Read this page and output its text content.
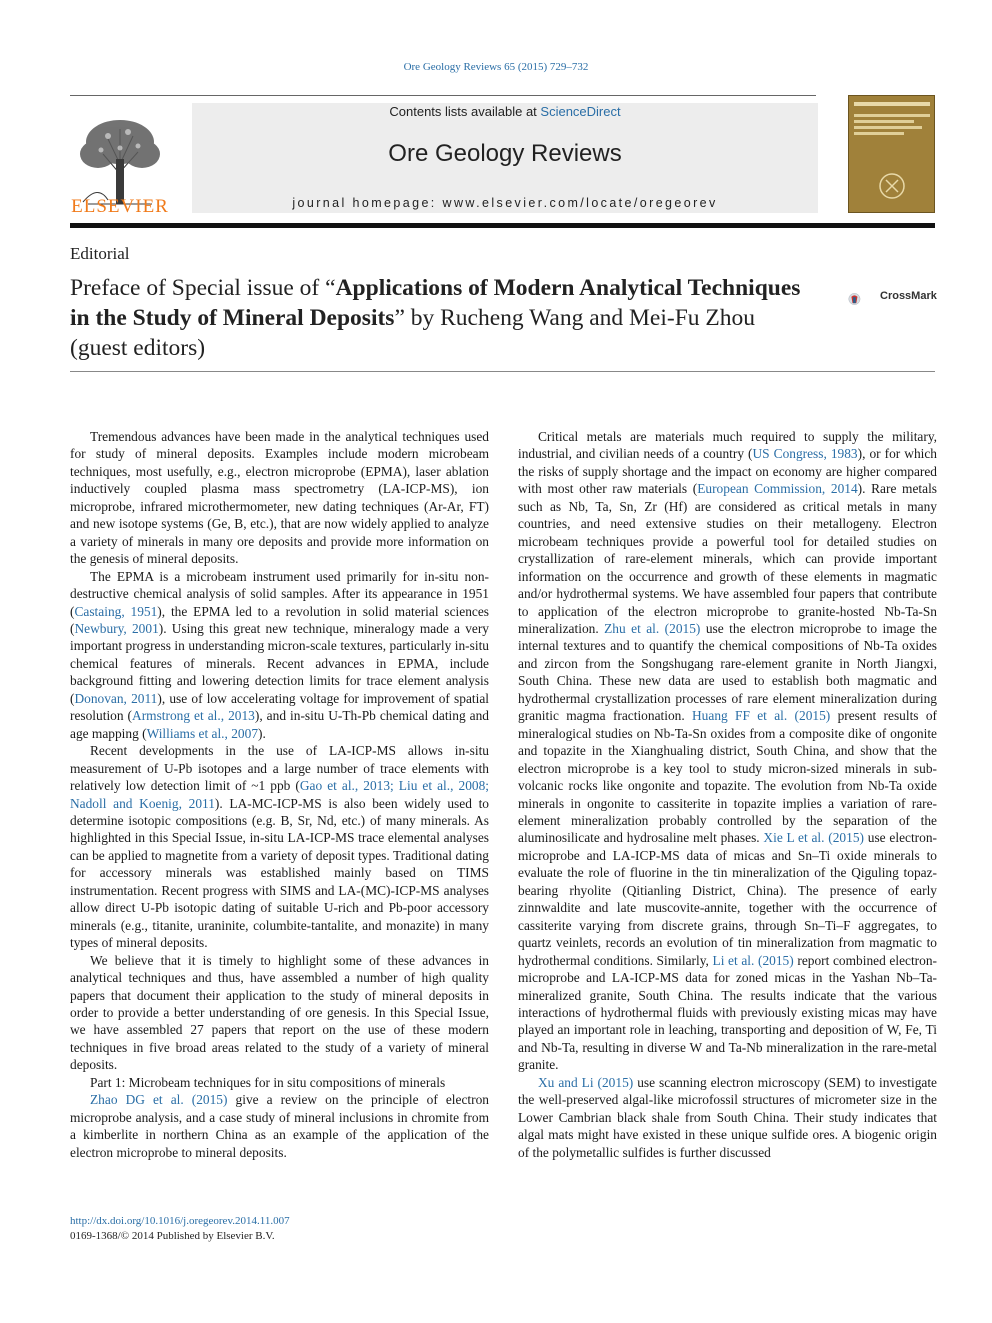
Ore Geology Reviews 65 (2015) 729–732
ELSEVIER
Contents lists available at ScienceDirect
Ore Geology Reviews
journal homepage: www.elsevier.com/locate/oregeorev
Editorial
Preface of Special issue of “Applications of Modern Analytical Techniques in the Study of Mineral Deposits” by Rucheng Wang and Mei-Fu Zhou (guest editors)
CrossMark

Tremendous advances have been made in the analytical techniques used for study of mineral deposits. Examples include modern microbeam techniques, most usefully, e.g., electron microprobe (EPMA), laser ablation inductively coupled plasma mass spectrometry (LA-ICP-MS), ion microprobe, infrared microthermometer, new dating techniques (Ar-Ar, FT) and new isotope systems (Ge, B, etc.), that are now widely applied to analyze a variety of minerals in many ore deposits and provide more information on the genesis of mineral deposits.

The EPMA is a microbeam instrument used primarily for in-situ non-destructive chemical analysis of solid samples. After its appearance in 1951 (Castaing, 1951), the EPMA led to a revolution in solid material sciences (Newbury, 2001). Using this great new technique, mineralogy made a very important progress in understanding micron-scale textures, particularly in-situ chemical features of minerals. Recent advances in EPMA, include background fitting and lowering detection limits for trace element analysis (Donovan, 2011), use of low accelerating voltage for improvement of spatial resolution (Armstrong et al., 2013), and in-situ U-Th-Pb chemical dating and age mapping (Williams et al., 2007).

Recent developments in the use of LA-ICP-MS allows in-situ measurement of U-Pb isotopes and a large number of trace elements with relatively low detection limit of ~1 ppb (Gao et al., 2013; Liu et al., 2008; Nadoll and Koenig, 2011). LA-MC-ICP-MS is also been widely used to determine isotopic compositions (e.g. B, Sr, Nd, etc.) of many minerals. As highlighted in this Special Issue, in-situ LA-ICP-MS trace elemental analyses can be applied to magnetite from a variety of deposit types. Traditional dating for accessory minerals was established mainly based on TIMS instrumentation. Recent progress with SIMS and LA-(MC)-ICP-MS analyses allow direct U-Pb isotopic dating of suitable U-rich and Pb-poor accessory minerals (e.g., titanite, uraninite, columbite-tantalite, and monazite) in many types of mineral deposits.

We believe that it is timely to highlight some of these advances in analytical techniques and thus, have assembled a number of high quality papers that document their application to the study of mineral deposits in order to provide a better understanding of ore genesis. In this Special Issue, we have assembled 27 papers that report on the use of these modern techniques in five broad areas related to the study of a variety of mineral deposits.

Part 1: Microbeam techniques for in situ compositions of minerals

Zhao DG et al. (2015) give a review on the principle of electron microprobe analysis, and a case study of mineral inclusions in chromite from a kimberlite in northern China as an example of the application of the electron microprobe to mineral deposits.

Critical metals are materials much required to supply the military, industrial, and civilian needs of a country (US Congress, 1983), or for which the risks of supply shortage and the impact on economy are higher compared with most other raw materials (European Commission, 2014). Rare metals such as Nb, Ta, Sn, Zr (Hf) are considered as critical metals in many countries, and need extensive studies on their metallogeny. Electron microbeam techniques provide a powerful tool for detailed studies on crystallization of rare-element minerals, which can provide important information on the occurrence and growth of these elements in magmatic and/or hydrothermal systems. We have assembled four papers that contribute to application of the electron microprobe to granite-hosted Nb-Ta-Sn mineralization. Zhu et al. (2015) use the electron microprobe to image the internal textures and to quantify the chemical compositions of Nb-Ta oxides and zircon from the Songshugang rare-element granite in North Jiangxi, South China. These new data are used to establish both magmatic and hydrothermal crystallization processes of rare element mineralization during granitic magma fractionation. Huang FF et al. (2015) present results of mineralogical studies on Nb-Ta-Sn oxides from a composite dike of ongonite and topazite in the Xianghualing district, South China, and show that the electron microprobe is a key tool to study micron-sized minerals in sub-volcanic rocks like ongonite and topazite. The evolution from Nb-Ta oxide minerals in ongonite to cassiterite in topazite implies a variation of rare-element mineralization probably controlled by the separation of the aluminosilicate and hydrosaline melt phases. Xie L et al. (2015) use electron-microprobe and LA-ICP-MS data of micas and Sn–Ti oxide minerals to evaluate the role of fluorine in the tin mineralization of the Qiguling topaz-bearing rhyolite (Qitianling District, China). The presence of early zinnwaldite and late muscovite-annite, together with the occurrence of cassiterite varying from discrete grains, through Sn–Ti–F aggregates, to quartz veinlets, records an evolution of tin mineralization from magmatic to hydrothermal conditions. Similarly, Li et al. (2015) report combined electron-microprobe and LA-ICP-MS data for zoned micas in the Yashan Nb–Ta-mineralized granite, South China. The results indicate that the various interactions of hydrothermal fluids with previously existing micas may have played an important role in leaching, transporting and deposition of W, Fe, Ti and Nb-Ta, resulting in diverse W and Ta-Nb mineralization in the rare-metal granite.

Xu and Li (2015) use scanning electron microscopy (SEM) to investigate the well-preserved algal-like microfossil structures of micrometer size in the Lower Cambrian black shale from South China. Their study indicates that algal mats might have existed in these unique sulfide ores. A biogenic origin of the polymetallic sulfides is further discussed

http://dx.doi.org/10.1016/j.oregeorev.2014.11.007
0169-1368/© 2014 Published by Elsevier B.V.
